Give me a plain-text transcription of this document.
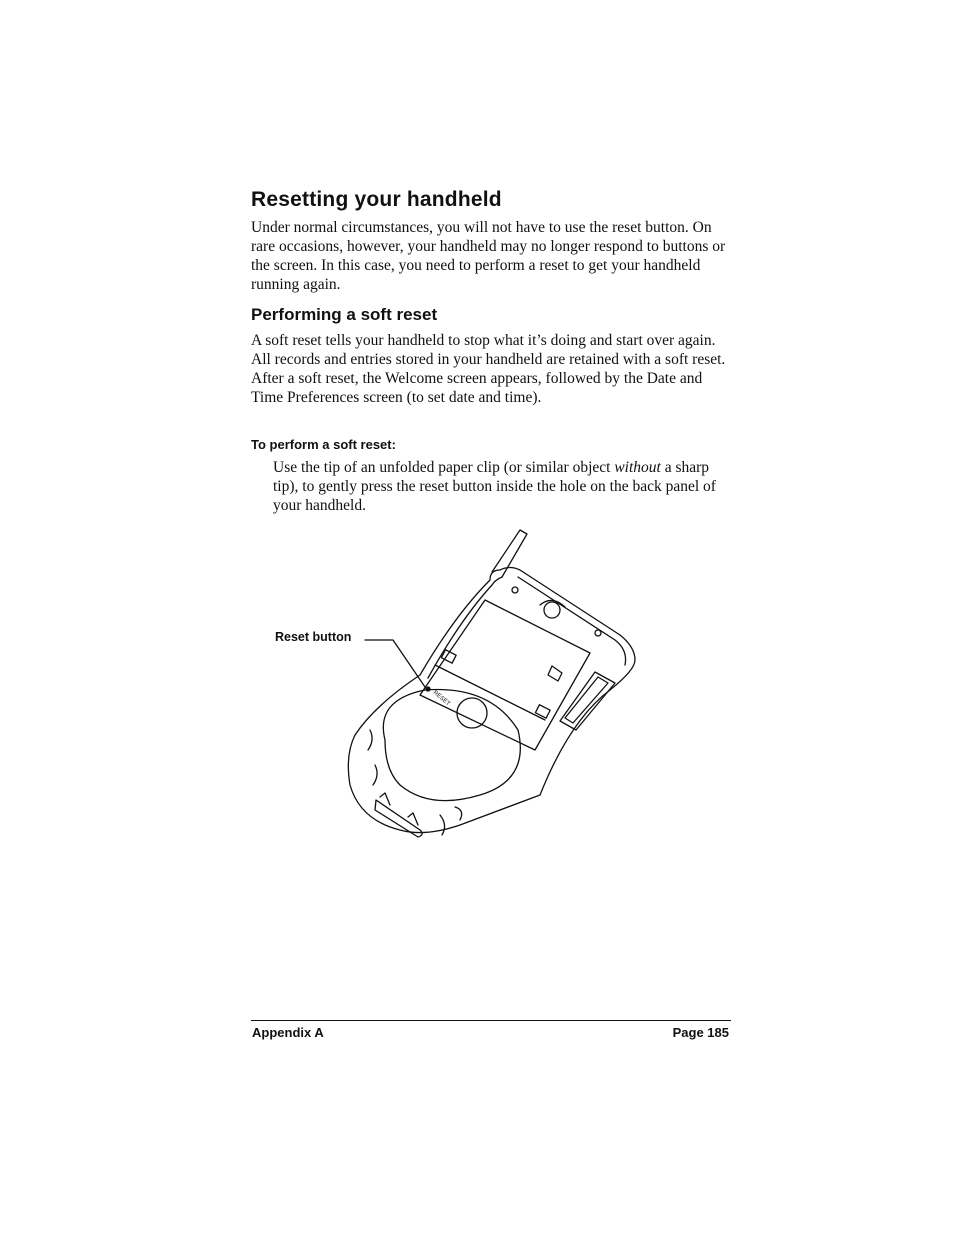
Resetting your handheld

Under normal circumstances, you will not have to use the reset button. On rare occasions, however, your handheld may no longer respond to buttons or the screen. In this case, you need to perform a reset to get your handheld running again.

Performing a soft reset

A soft reset tells your handheld to stop what it’s doing and start over again. All records and entries stored in your handheld are retained with a soft reset. After a soft reset, the Welcome screen appears, followed by the Date and Time Preferences screen (to set date and time).

To perform a soft reset:

Use the tip of an unfolded paper clip (or similar object without a sharp tip), to gently press the reset button inside the hole on the back panel of your handheld.

Reset button
RESET
Appendix A	Page 185
